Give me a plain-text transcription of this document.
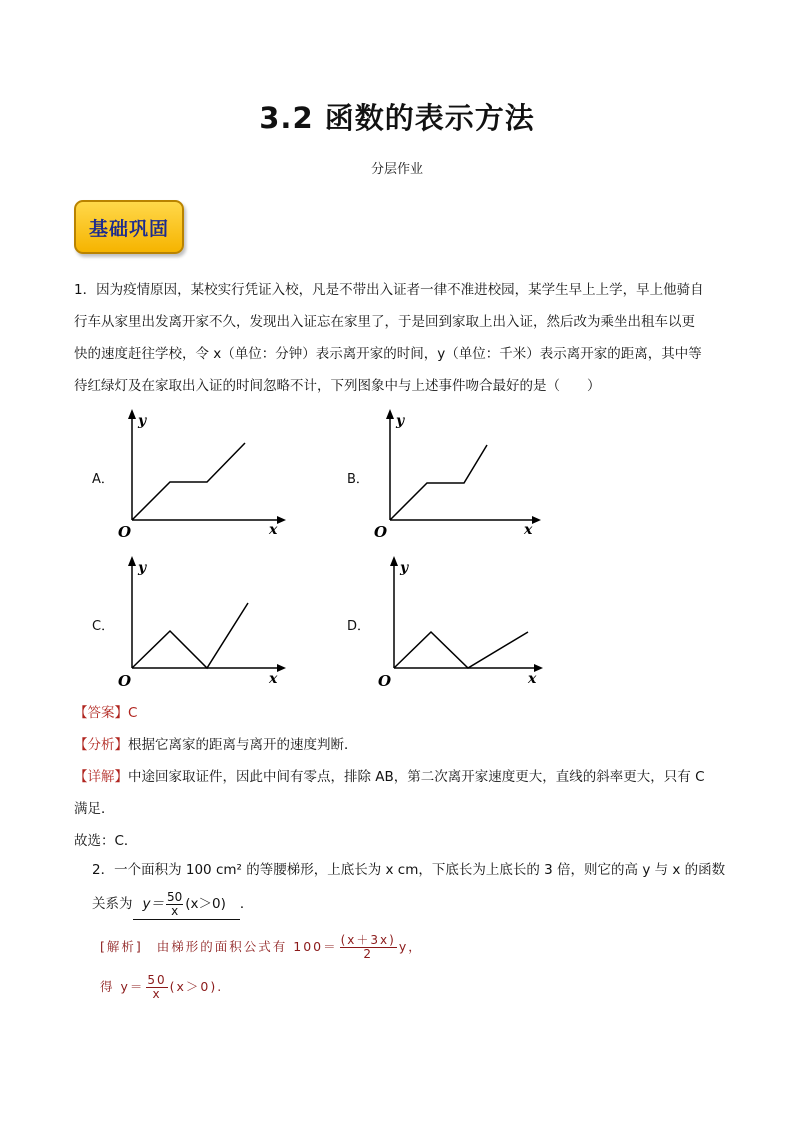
3.2 函数的表示方法
分层作业
基础巩固
1．因为疫情原因，某校实行凭证入校，凡是不带出入证者一律不准进校园，某学生早上上学，早上他骑自
行车从家里出发离开家不久，发现出入证忘在家里了，于是回到家取上出入证，然后改为乘坐出租车以更
快的速度赶往学校，令 x（单位：分钟）表示离开家的时间，y（单位：千米）表示离开家的距离，其中等
待红绿灯及在家取出入证的时间忽略不计，下列图象中与上述事件吻合最好的是（　　）
A．	B．
C．	D．
y
x
O
y
x
O
y
x
O
y
x
O
【答案】C
【分析】根据它离家的距离与离开的速度判断．
【详解】中途回家取证件，因此中间有零点，排除 AB，第二次离开家速度更大，直线的斜率更大，只有 C
满足．
故选：C．
2．一个面积为 100 cm² 的等腰梯形，上底长为 x cm，下底长为上底长的 3 倍，则它的高 y 与 x 的函数
关系为 $y= \frac{50}{x} (x>0)$ ．
[解析] 由梯形的面积公式有 $100= \frac{(x+3x)}{2}$ y，
得 $y= \frac{50}{x} (x>0)$.
